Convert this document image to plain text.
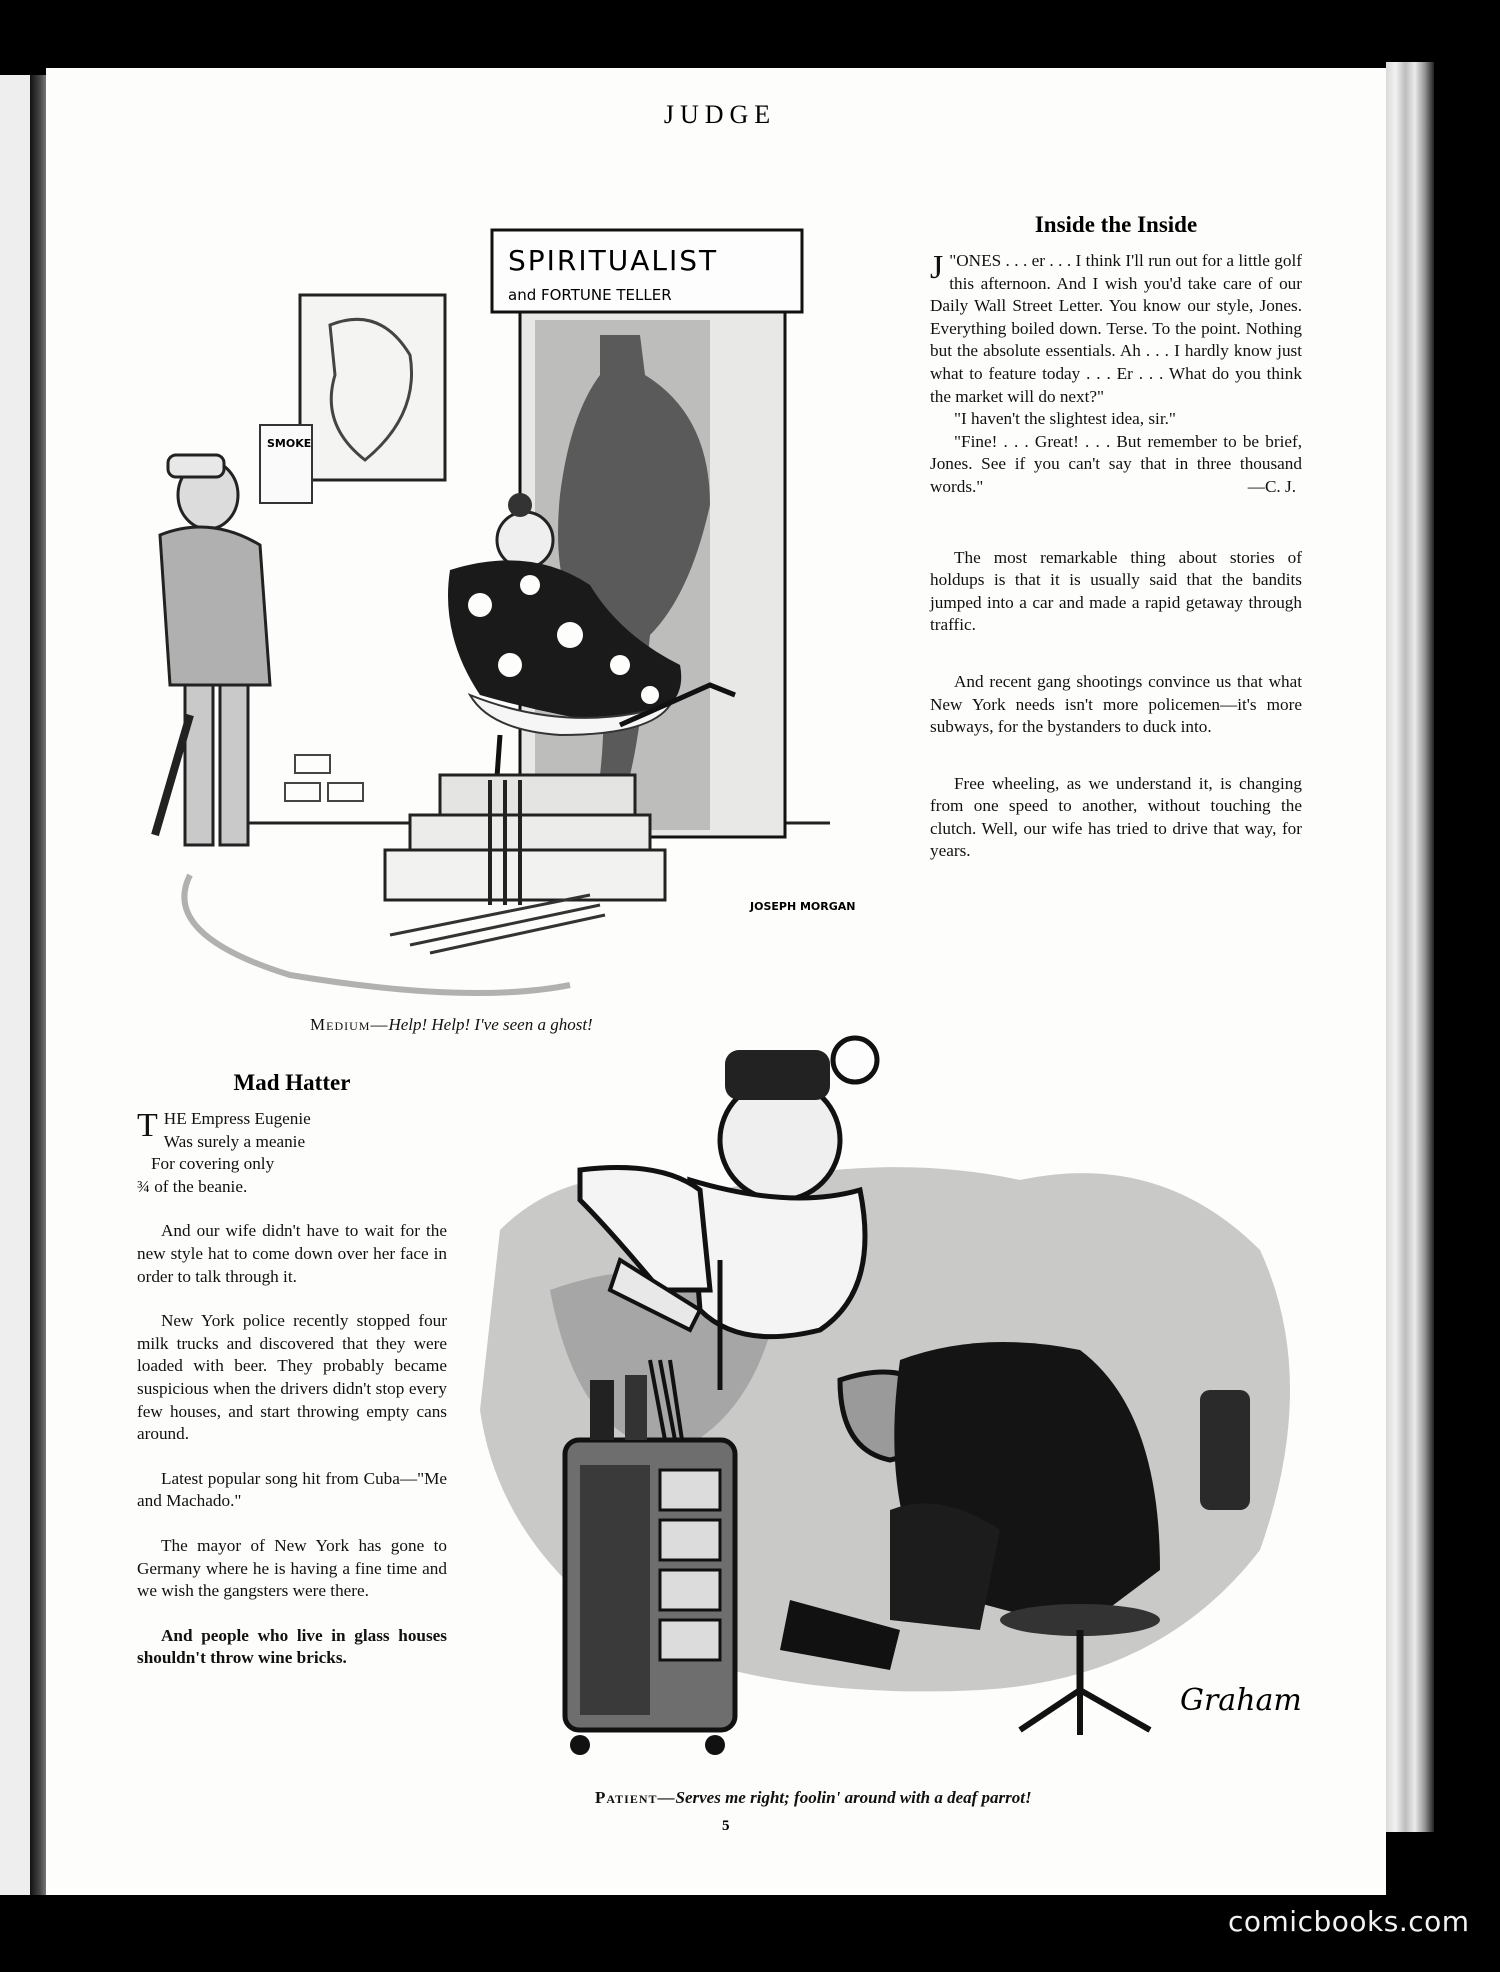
JUDGE
SMOKE
SPIRITUALIST
and FORTUNE TELLER
JOSEPH MORGAN
Medium—Help! Help! I've seen a ghost!
Inside the Inside

"
J ONES . . . er . . . I think I'll run out for a little golf this afternoon. And I wish you'd take care of our Daily Wall Street Letter. You know our style, Jones. Everything boiled down. Terse. To the point. Nothing but the absolute essentials. Ah . . . I hardly know just what to feature today . . . Er . . . What do you think the market will do next?"

"I haven't the slightest idea, sir."

"Fine! . . . Great! . . . But remember to be brief, Jones. See if you can't say that in three thousand words."	—C. J.

The most remarkable thing about stories of holdups is that it is usually said that the bandits jumped into a car and made a rapid getaway through traffic.

And recent gang shootings convince us that what New York needs isn't more policemen—it's more subways, for the bystanders to duck into.

Free wheeling, as we understand it, is changing from one speed to another, without touching the clutch. Well, our wife has tried to drive that way, for years.

Mad Hatter
THE Empress Eugenie
Was surely a meanie
For covering only
¾ of the beanie.

And our wife didn't have to wait for the new style hat to come down over her face in order to talk through it.

New York police recently stopped four milk trucks and discovered that they were loaded with beer. They probably became suspicious when the drivers didn't stop every few houses, and start throwing empty cans around.

Latest popular song hit from Cuba—"Me and Machado."

The mayor of New York has gone to Germany where he is having a fine time and we wish the gangsters were there.

And people who live in glass houses shouldn't throw wine bricks.

Graham
Patient—Serves me right; foolin' around with a deaf parrot!
5
comicbooks.com
